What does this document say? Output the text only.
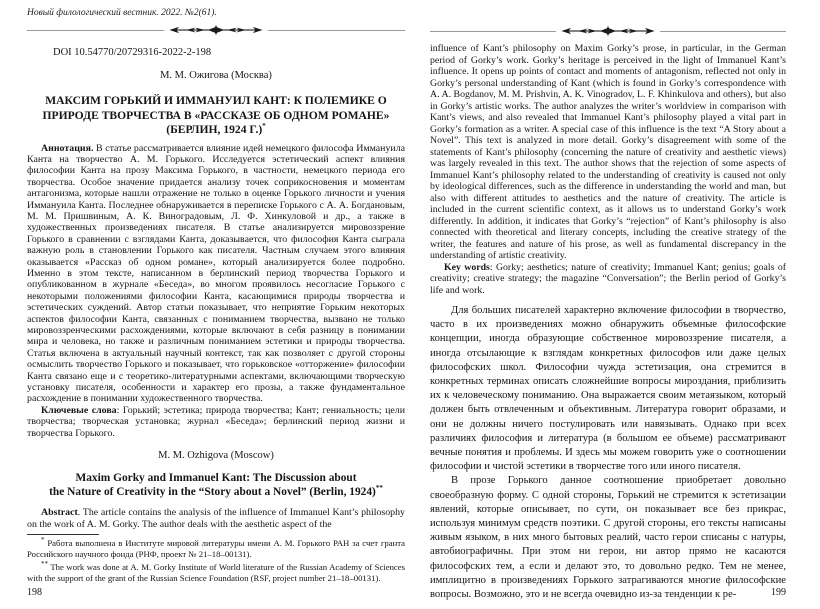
Новый филологический вестник. 2022. №2(61).
DOI 10.54770/20729316-2022-2-198
М. М. Ожигова (Москва)
МАКСИМ ГОРЬКИЙ И ИММАНУИЛ КАНТ: К ПОЛЕМИКЕ О
ПРИРОДЕ ТВОРЧЕСТВА В «РАССКАЗЕ ОБ ОДНОМ РОМАНЕ»
(БЕРЛИН, 1924 Г.)*

Аннотация. В статье рассматривается влияние идей немецкого философа Иммануила Канта на творчество А. М. Горького. Исследуется эстетический аспект влияния философии Канта на прозу Максима Горького, в частности, немецкого периода его творчества. Особое значение придается анализу точек соприкосновения и моментам антагонизма, которые нашли отражение не только в оценке Горького личности и учения Иммануила Канта. Последнее обнаруживается в переписке Горького с А. А. Богдановым, М. М. Пришвиным, А. К. Виноградовым, Л. Ф. Хинкуловой и др., а также в художественных произведениях писателя. В статье анализируется мировоззрение Горького в сравнении с взглядами Канта, доказывается, что философия Канта сыграла важную роль в становлении Горького как писателя. Частным случаем этого влияния оказывается «Рассказ об одном романе», который анализируется более подробно. Именно в этом тексте, написанном в берлинский период творчества Горького и опубликованном в журнале «Беседа», во многом проявилось несогласие Горького с некоторыми положениями философии Канта, касающимися природы творчества и эстетических суждений. Автор статьи показывает, что неприятие Горьким некоторых аспектов философии Канта, связанных с пониманием творчества, вызвано не только мировоззренческими расхождениями, которые включают в себя разницу в понимании мира и человека, но также и различным пониманием эстетики и природы творчества. Статья включена в актуальный научный контекст, так как позволяет с другой стороны осмыслить творчество Горького и показывает, что горьковское «отторжение» философии Канта связано еще и с теоретико-литературными аспектами, включающими творческую установку писателя, особенности и характер его прозы, а также фундаментальное расхождение в понимании художественного творчества.

Ключевые слова: Горький; эстетика; природа творчества; Кант; гениальность; цели творчества; творческая установка; журнал «Беседа»; берлинский период жизни и творчества Горького.

M. M. Ozhigova (Moscow)
Maxim Gorky and Immanuel Kant: The Discussion about
the Nature of Creativity in the “Story about a Novel” (Berlin, 1924)**

Abstract. The article contains the analysis of the influence of Immanuel Kant’s philosophy on the work of A. M. Gorky. The author deals with the aesthetic aspect of the

* Работа выполнена в Институте мировой литературы имени А. М. Горького РАН за счет гранта Российского научного фонда (РНФ, проект № 21–18–00131).

** The work was done at A. M. Gorky Institute of World literature of the Russian Academy of Sciences with the support of the grant of the Russian Science Foundation (RSF, project number 21–18–00131).

198

influence of Kant’s philosophy on Maxim Gorky’s prose, in particular, in the German period of Gorky’s work. Gorky’s heritage is perceived in the light of Immanuel Kant’s influence. It opens up points of contact and moments of antagonism, reflected not only in Gorky’s personal understanding of Kant (which is found in Gorky’s correspondence with A. A. Bogdanov, M. M. Prishvin, A. K. Vinogradov, L. F. Khinkulova and others), but also in Gorky’s artistic works. The author analyzes the writer’s worldview in comparison with Kant’s views, and also revealed that Immanuel Kant’s philosophy played a vital part in Gorky’s formation as a writer. A special case of this influence is the text “A Story about a Novel”. This text is analyzed in more detail. Gorky’s disagreement with some of the statements of Kant’s philosophy (concerning the nature of creativity and aesthetic views) was largely revealed in this text. The author shows that the rejection of some aspects of Immanuel Kant’s philosophy related to the understanding of creativity is caused not only by ideological differences, such as the difference in understanding the world and man, but also with different attitudes to aesthetics and the nature of creativity. The article is included in the current scientific context, as it allows us to understand Gorky’s work differently. In addition, it indicates that Gorky’s “rejection” of Kant’s philosophy is also connected with theoretical and literary concepts, including the creative strategy of the writer, the features and nature of his prose, as well as fundamental discrepancy in the understanding of artistic creativity.

Key words: Gorky; aesthetics; nature of creativity; Immanuel Kant; genius; goals of creativity; creative strategy; the magazine “Conversation”; the Berlin period of Gorky’s life and work.

Для больших писателей характерно включение философии в творчество, часто в их произведениях можно обнаружить объемные философские концепции, иногда образующие собственное мировоззрение писателя, а иногда отсылающие к взглядам конкретных философов или даже целых философских школ. Философии чужда эстетизация, она стремится в конкретных терминах описать сложнейшие вопросы мироздания, приблизить их к человеческому пониманию. Она выражается своим метаязыком, который должен быть отвлеченным и объективным. Литература говорит образами, и они не должны ничего постулировать или навязывать. Однако при всех различиях философия и литература (в большом ее объеме) рассматривают вечные понятия и проблемы. И здесь мы можем говорить уже о соотношении философии и чистой эстетики в творчестве того или иного писателя.

В прозе Горького данное соотношение приобретает довольно своеобразную форму. С одной стороны, Горький не стремится к эстетизации явлений, которые описывает, по сути, он показывает все без прикрас, используя минимум средств поэтики. С другой стороны, его тексты написаны живым языком, в них много бытовых реалий, часто герои списаны с натуры, автобиографичны. При этом ни герои, ни автор прямо не касаются философских тем, а если и делают это, то довольно редко. Тем не менее, имплицитно в произведениях Горького затрагиваются многие философские вопросы. Возможно, это и не всегда очевидно из-за тенденции к ре-	199
